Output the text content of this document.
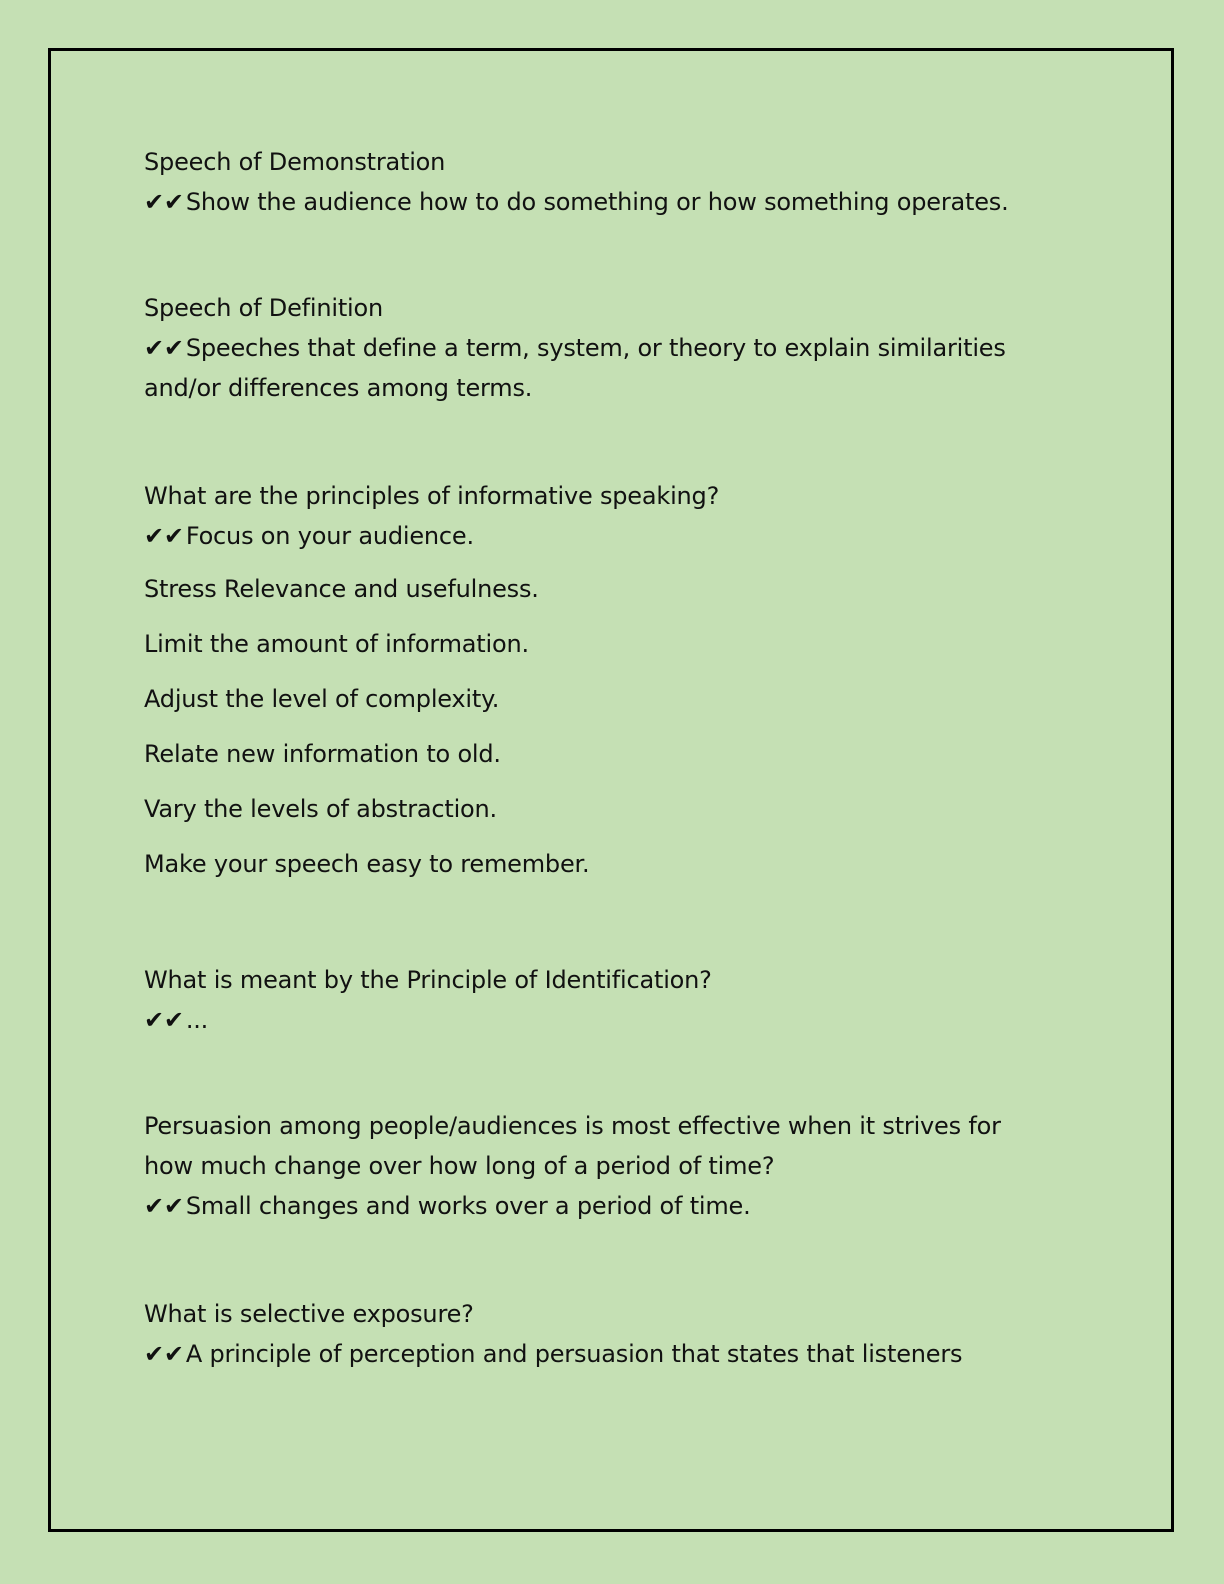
Speech of Demonstration
✔✔Show the audience how to do something or how something operates.
Speech of Definition
✔✔Speeches that define a term, system, or theory to explain similarities
and/or differences among terms.
What are the principles of informative speaking?
✔✔Focus on your audience.
Stress Relevance and usefulness.
Limit the amount of information.
Adjust the level of complexity.
Relate new information to old.
Vary the levels of abstraction.
Make your speech easy to remember.
What is meant by the Principle of Identification?
✔✔...
Persuasion among people/audiences is most effective when it strives for
how much change over how long of a period of time?
✔✔Small changes and works over a period of time.
What is selective exposure?
✔✔A principle of perception and persuasion that states that listeners
